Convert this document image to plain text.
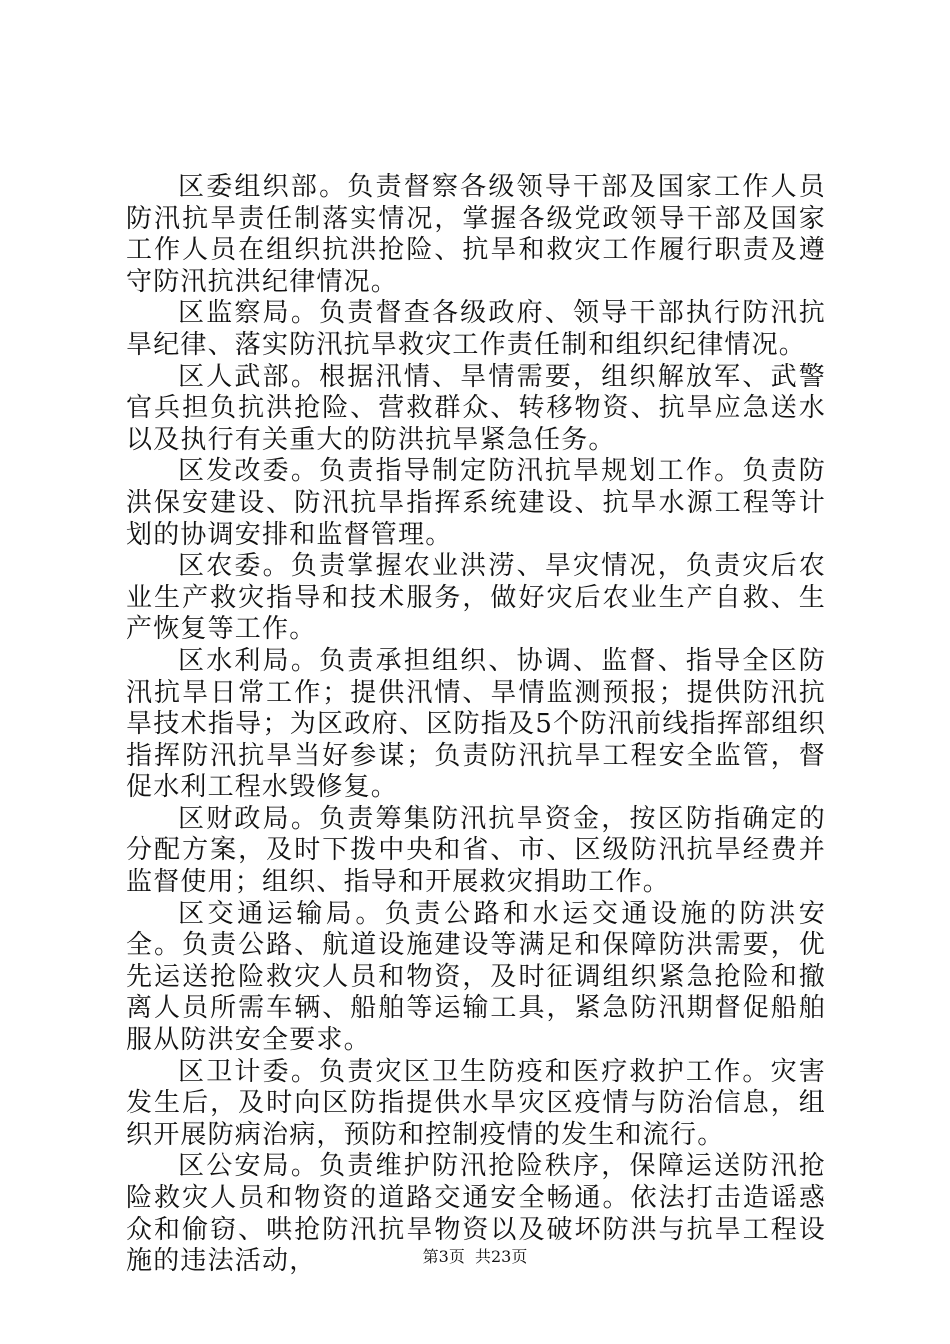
区委组织部。负责督察各级领导干部及国家工作人员防汛抗旱责任制落实情况，掌握各级党政领导干部及国家工作人员在组织抗洪抢险、抗旱和救灾工作履行职责及遵守防汛抗洪纪律情况。

区监察局。负责督查各级政府、领导干部执行防汛抗旱纪律、落实防汛抗旱救灾工作责任制和组织纪律情况。

区人武部。根据汛情、旱情需要，组织解放军、武警官兵担负抗洪抢险、营救群众、转移物资、抗旱应急送水以及执行有关重大的防洪抗旱紧急任务。

区发改委。负责指导制定防汛抗旱规划工作。负责防洪保安建设、防汛抗旱指挥系统建设、抗旱水源工程等计划的协调安排和监督管理。

区农委。负责掌握农业洪涝、旱灾情况，负责灾后农业生产救灾指导和技术服务，做好灾后农业生产自救、生产恢复等工作。

区水利局。负责承担组织、协调、监督、指导全区防汛抗旱日常工作；提供汛情、旱情监测预报；提供防汛抗旱技术指导；为区政府、区防指及5个防汛前线指挥部组织指挥防汛抗旱当好参谋；负责防汛抗旱工程安全监管，督促水利工程水毁修复。

区财政局。负责筹集防汛抗旱资金，按区防指确定的分配方案，及时下拨中央和省、市、区级防汛抗旱经费并监督使用；组织、指导和开展救灾捐助工作。

区交通运输局。负责公路和水运交通设施的防洪安全。负责公路、航道设施建设等满足和保障防洪需要，优先运送抢险救灾人员和物资，及时征调组织紧急抢险和撤离人员所需车辆、船舶等运输工具，紧急防汛期督促船舶服从防洪安全要求。

区卫计委。负责灾区卫生防疫和医疗救护工作。灾害发生后，及时向区防指提供水旱灾区疫情与防治信息，组织开展防病治病，预防和控制疫情的发生和流行。

区公安局。负责维护防汛抢险秩序，保障运送防汛抢险救灾人员和物资的道路交通安全畅通。依法打击造谣惑众和偷窃、哄抢防汛抗旱物资以及破坏防洪与抗旱工程设施的违法活动，	第3页  共23页
